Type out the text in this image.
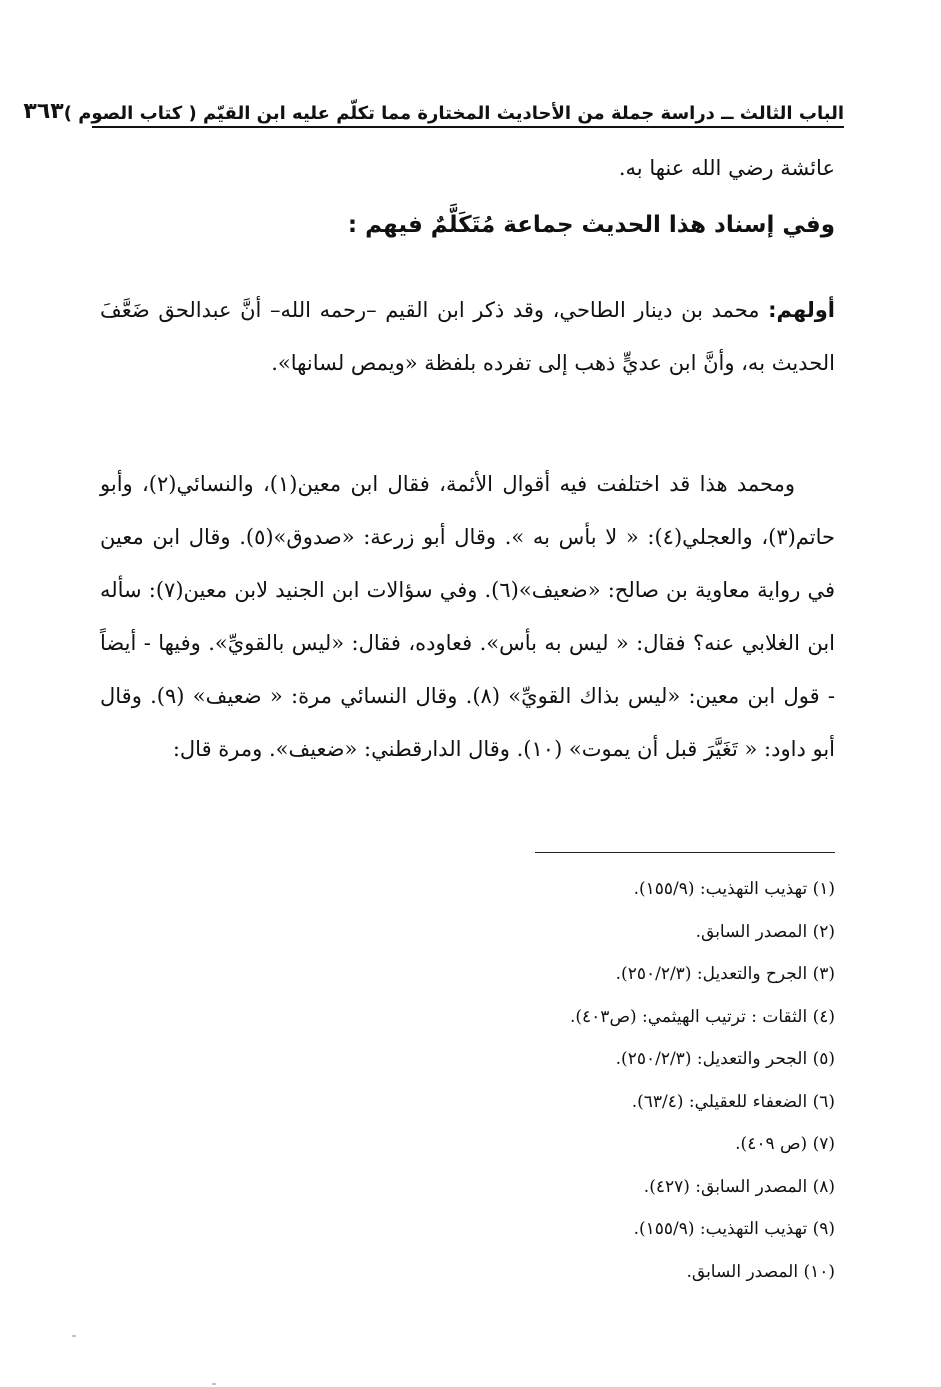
الباب الثالث ــ دراسة جملة من الأحاديث المختارة مما تكلّم عليه ابن القيّم ( كتاب الصوم )
٣٦٣
عائشة رضي الله عنها به.
وفي إسناد هذا الحديث جماعة مُتَكَلَّمٌ فيهم :
أولهم: محمد بن دينار الطاحي، وقد ذكر ابن القيم –رحمه الله– أنَّ عبدالحق ضَعَّفَ الحديث به، وأنَّ ابن عديٍّ ذهب إلى تفرده بلفظة «ويمص لسانها».
ومحمد هذا قد اختلفت فيه أقوال الأئمة، فقال ابن معين(١)، والنسائي(٢)، وأبو حاتم(٣)، والعجلي(٤): « لا بأس به ». وقال أبو زرعة: «صدوق»(٥). وقال ابن معين في رواية معاوية بن صالح: «ضعيف»(٦). وفي سؤالات ابن الجنيد لابن معين(٧): سأله ابن الغلابي عنه؟ فقال: « ليس به بأس». فعاوده، فقال: «ليس بالقويِّ». وفيها - أيضاً - قول ابن معين: «ليس بذاك القويِّ» (٨). وقال النسائي مرة: « ضعيف» (٩). وقال أبو داود: « تَغَيَّرَ قبل أن يموت» (١٠). وقال الدارقطني: «ضعيف». ومرة قال:
(١) تهذيب التهذيب: (١٥٥/٩).
(٢) المصدر السابق.
(٣) الجرح والتعديل: (٢٥٠/٢/٣).
(٤) الثقات : ترتيب الهيثمي: (ص٤٠٣).
(٥) الجحر والتعديل: (٢٥٠/٢/٣).
(٦) الضعفاء للعقيلي: (٦٣/٤).
(٧) (ص ٤٠٩).
(٨) المصدر السابق: (٤٢٧).
(٩) تهذيب التهذيب: (١٥٥/٩).
(١٠) المصدر السابق.
